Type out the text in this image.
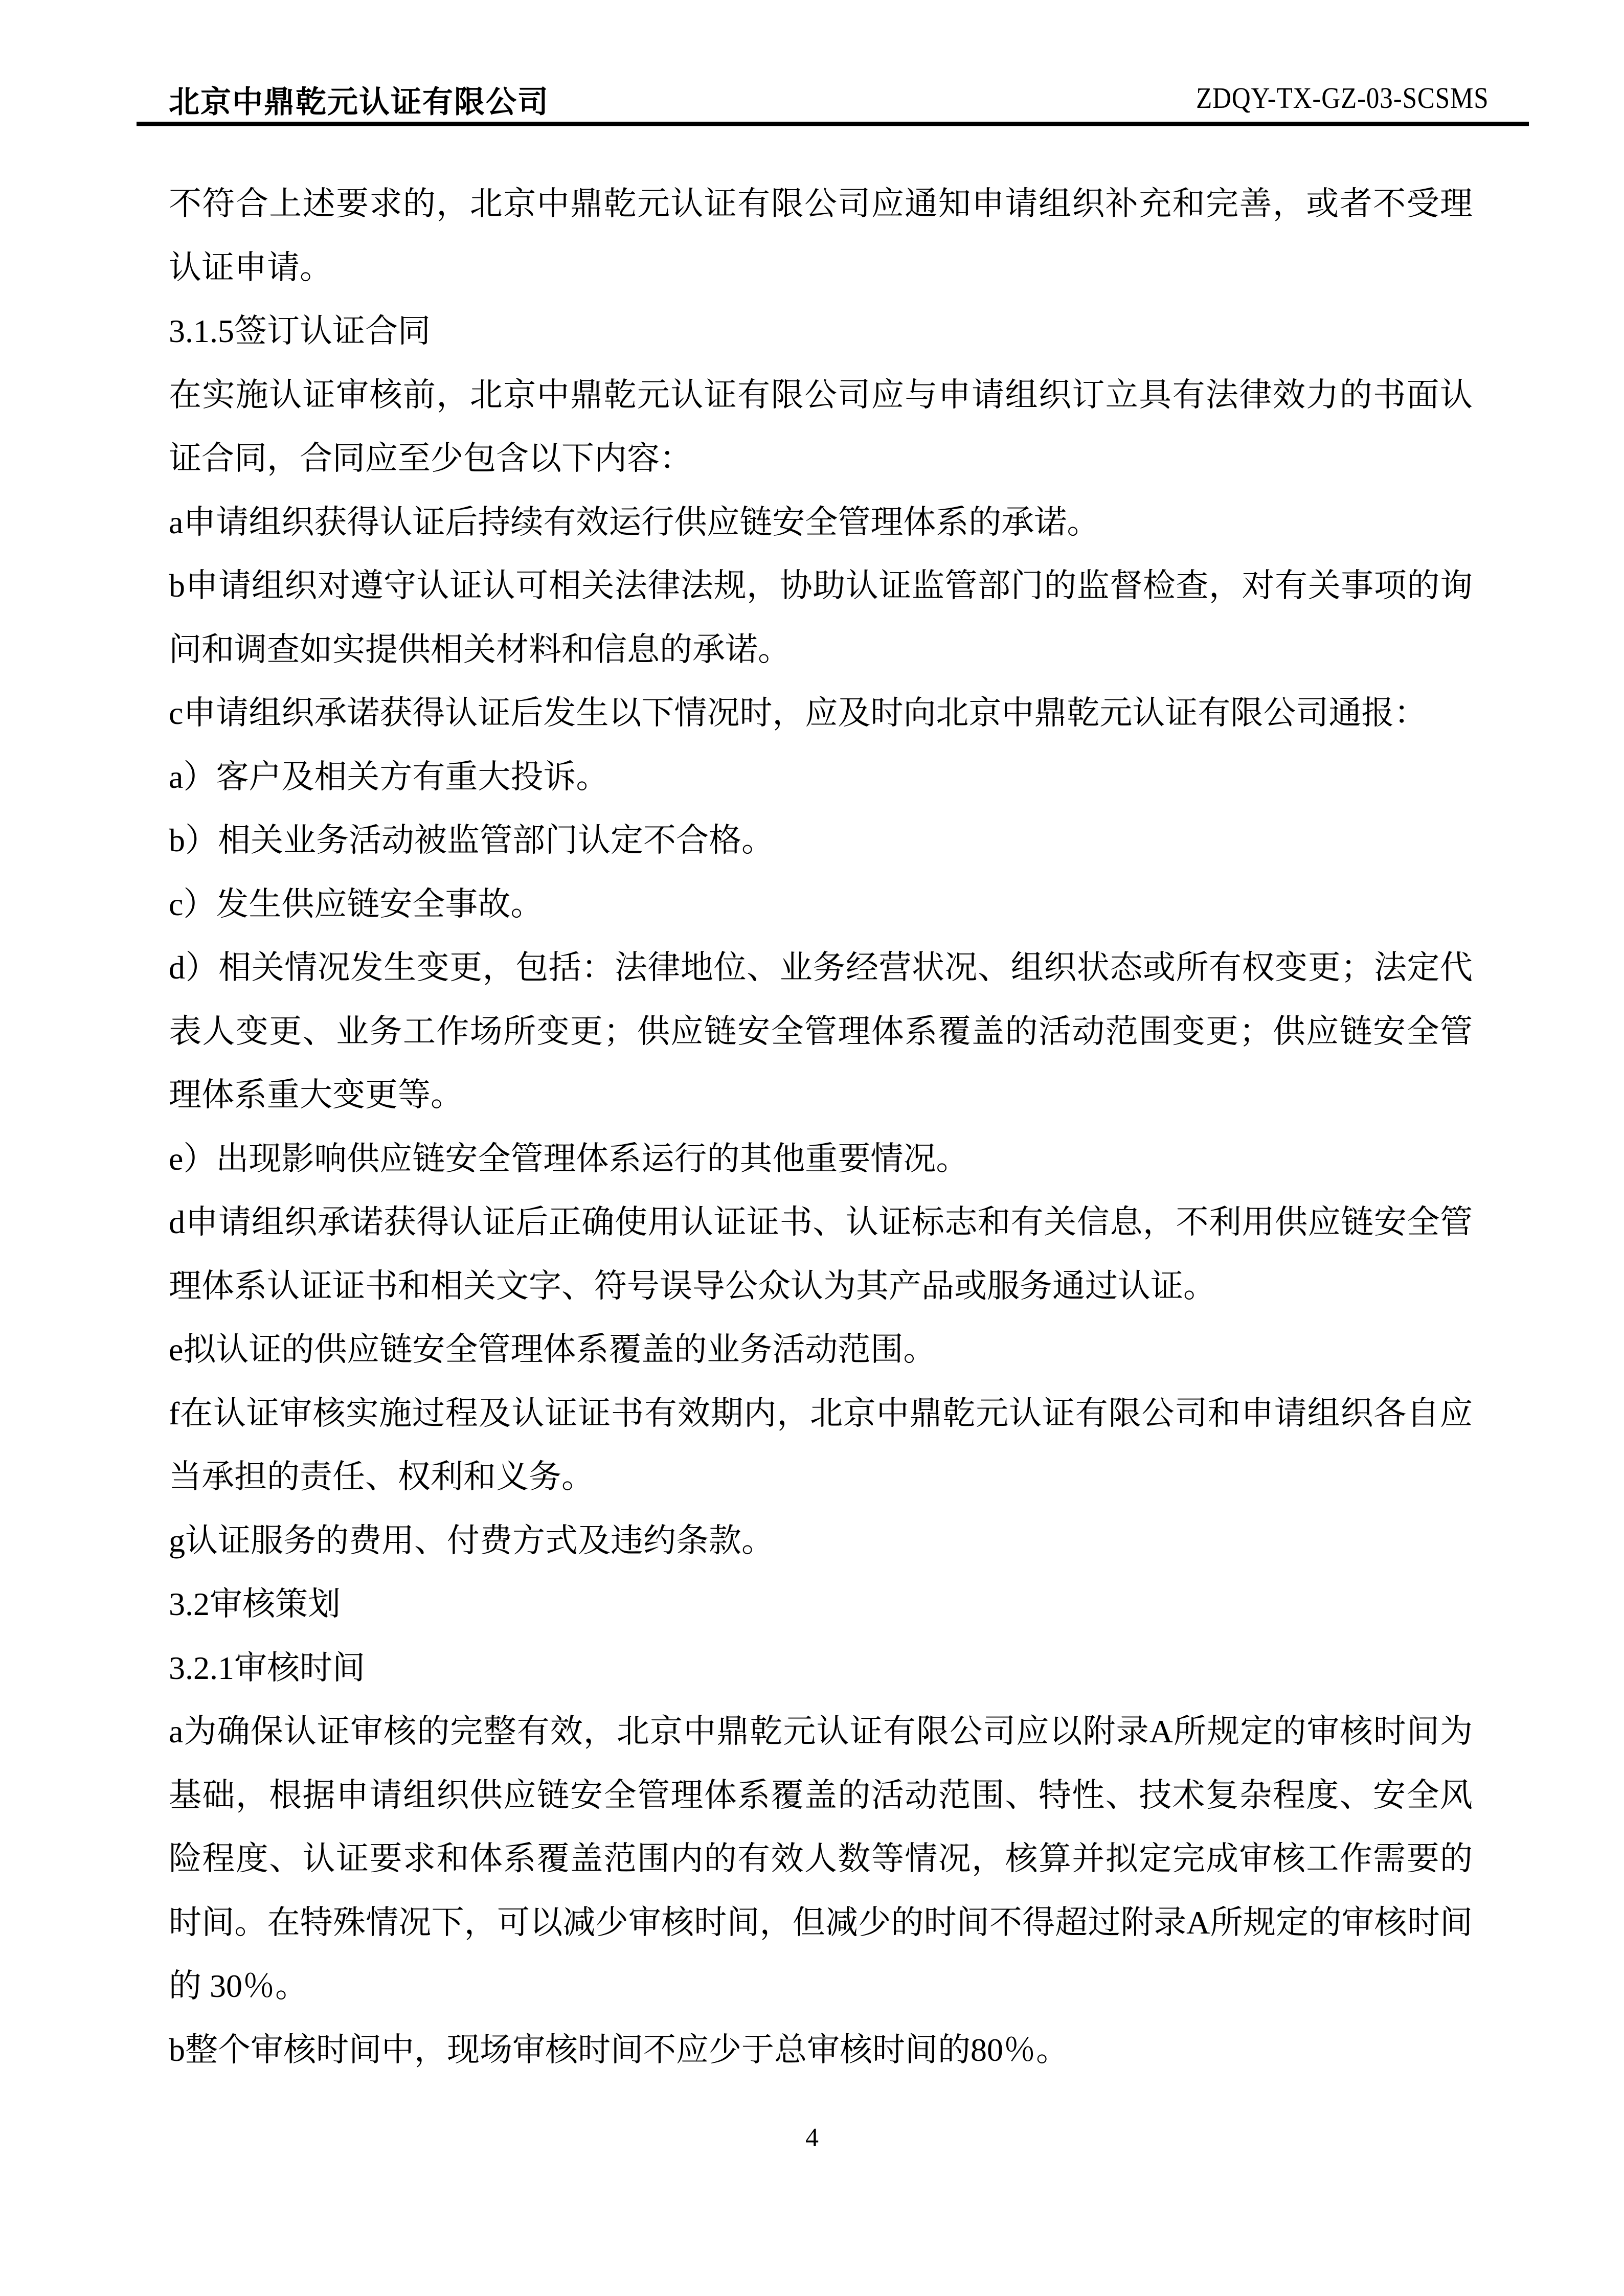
北京中鼎乾元认证有限公司	ZDQY-TX-GZ-03-SCSMS
不符合上述要求的，北京中鼎乾元认证有限公司应通知申请组织补充和完善，或者不受理
认证申请。
3.1.5签订认证合同
在实施认证审核前，北京中鼎乾元认证有限公司应与申请组织订立具有法律效力的书面认
证合同，合同应至少包含以下内容：
a申请组织获得认证后持续有效运行供应链安全管理体系的承诺。
b申请组织对遵守认证认可相关法律法规，协助认证监管部门的监督检查，对有关事项的询
问和调查如实提供相关材料和信息的承诺。
c申请组织承诺获得认证后发生以下情况时，应及时向北京中鼎乾元认证有限公司通报：
a）客户及相关方有重大投诉。
b）相关业务活动被监管部门认定不合格。
c）发生供应链安全事故。
d）相关情况发生变更，包括：法律地位、业务经营状况、组织状态或所有权变更；法定代
表人变更、业务工作场所变更；供应链安全管理体系覆盖的活动范围变更；供应链安全管
理体系重大变更等。
e）出现影响供应链安全管理体系运行的其他重要情况。
d申请组织承诺获得认证后正确使用认证证书、认证标志和有关信息，不利用供应链安全管
理体系认证证书和相关文字、符号误导公众认为其产品或服务通过认证。
e拟认证的供应链安全管理体系覆盖的业务活动范围。
f在认证审核实施过程及认证证书有效期内，北京中鼎乾元认证有限公司和申请组织各自应
当承担的责任、权利和义务。
g认证服务的费用、付费方式及违约条款。
3.2审核策划
3.2.1审核时间
a为确保认证审核的完整有效，北京中鼎乾元认证有限公司应以附录A所规定的审核时间为
基础，根据申请组织供应链安全管理体系覆盖的活动范围、特性、技术复杂程度、安全风
险程度、认证要求和体系覆盖范围内的有效人数等情况，核算并拟定完成审核工作需要的
时间。在特殊情况下，可以减少审核时间，但减少的时间不得超过附录A所规定的审核时间
的 30％。
b整个审核时间中，现场审核时间不应少于总审核时间的80％。
4
